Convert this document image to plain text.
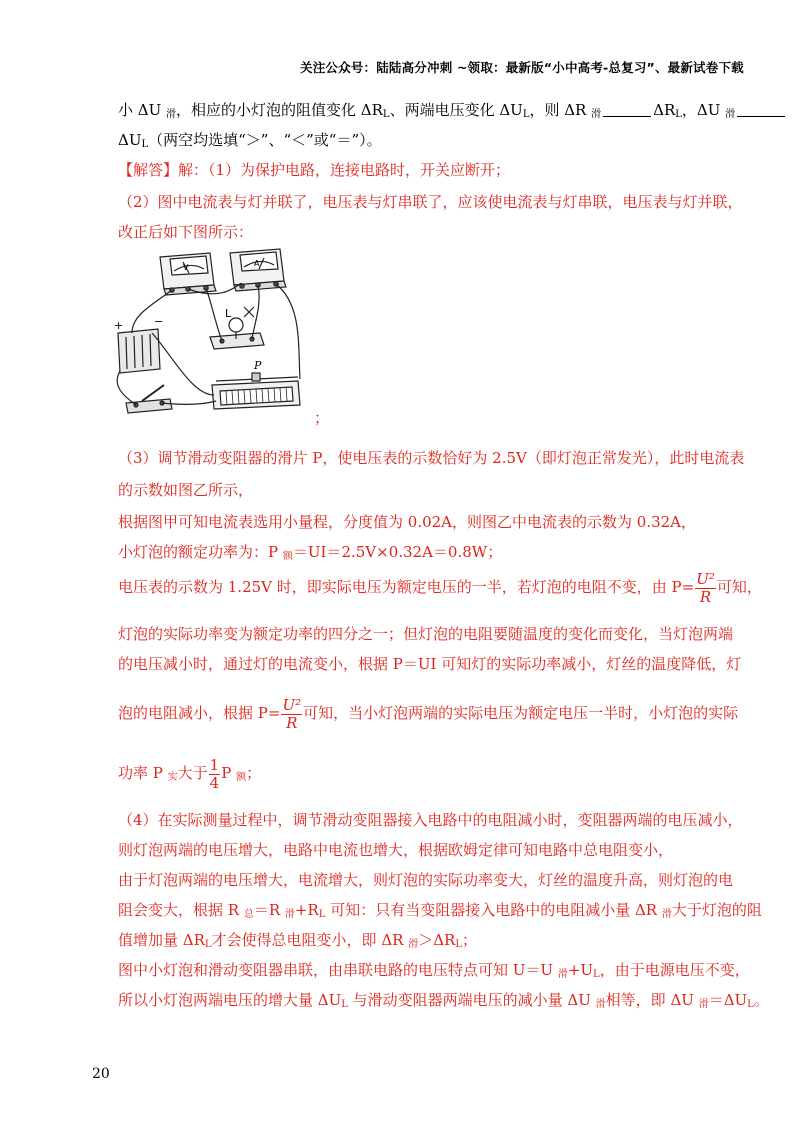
关注公众号：陆陆高分冲刺 ~领取：最新版“小中高考-总复习”、最新试卷下载
小 ΔU $_滑$，相应的小灯泡的阻值变化 $\Delta R_L$、两端电压变化 $\Delta U_L$，则 ΔR $_滑$	$\Delta R_L$，ΔU $_滑$
$\Delta U_L$（两空均选填“＞”、“＜”或“＝”）。
【解答】解：（1）为保护电路，连接电路时，开关应断开；
（2）图中电流表与灯并联了，电压表与灯串联了，应该使电流表与灯串联，电压表与灯并联，
改正后如下图所示：
+	−
V	A
L
P
；
（3）调节滑动变阻器的滑片 P，使电压表的示数恰好为 2.5V（即灯泡正常发光），此时电流表
的示数如图乙所示，
根据图甲可知电流表选用小量程，分度值为 0.02A，则图乙中电流表的示数为 0.32A，
小灯泡的额定功率为：P $_额$＝UI＝2.5V×0.32A＝0.8W；
电压表的示数为 1.25V 时，即实际电压为额定电压的一半，若灯泡的电阻不变，由 $P= \frac{\text{U²}}{R}$ 可知，
灯泡的实际功率变为额定功率的四分之一；但灯泡的电阻要随温度的变化而变化，当灯泡两端
的电压减小时，通过灯的电流变小，根据 P＝UI 可知灯的实际功率减小，灯丝的温度降低，灯
泡的电阻减小，根据 $P= \frac{\text{U²}}{R}$ 可知，当小灯泡两端的实际电压为额定电压一半时，小灯泡的实际
功率 P $_实$大于 $\frac{1}{4}$ P $_额$；
（4）在实际测量过程中，调节滑动变阻器接入电路中的电阻减小时，变阻器两端的电压减小，
则灯泡两端的电压增大，电路中电流也增大，根据欧姆定律可知电路中总电阻变小，
由于灯泡两端的电压增大，电流增大，则灯泡的实际功率变大，灯丝的温度升高，则灯泡的电
阻会变大，根据 R $_总$＝R $_滑+R_L$ 可知：只有当变阻器接入电路中的电阻减小量 ΔR $_滑$大于灯泡的阻
值增加量 $\Delta R_L$才会使得总电阻变小，即 ΔR $_滑>\Delta R_L$；
图中小灯泡和滑动变阻器串联，由串联电路的电压特点可知 U＝U $_滑+U_L$，由于电源电压不变，
所以小灯泡两端电压的增大量 $\Delta U_L$ 与滑动变阻器两端电压的减小量 ΔU $_滑$相等，即 ΔU $_滑=\Delta U_L$。
20
